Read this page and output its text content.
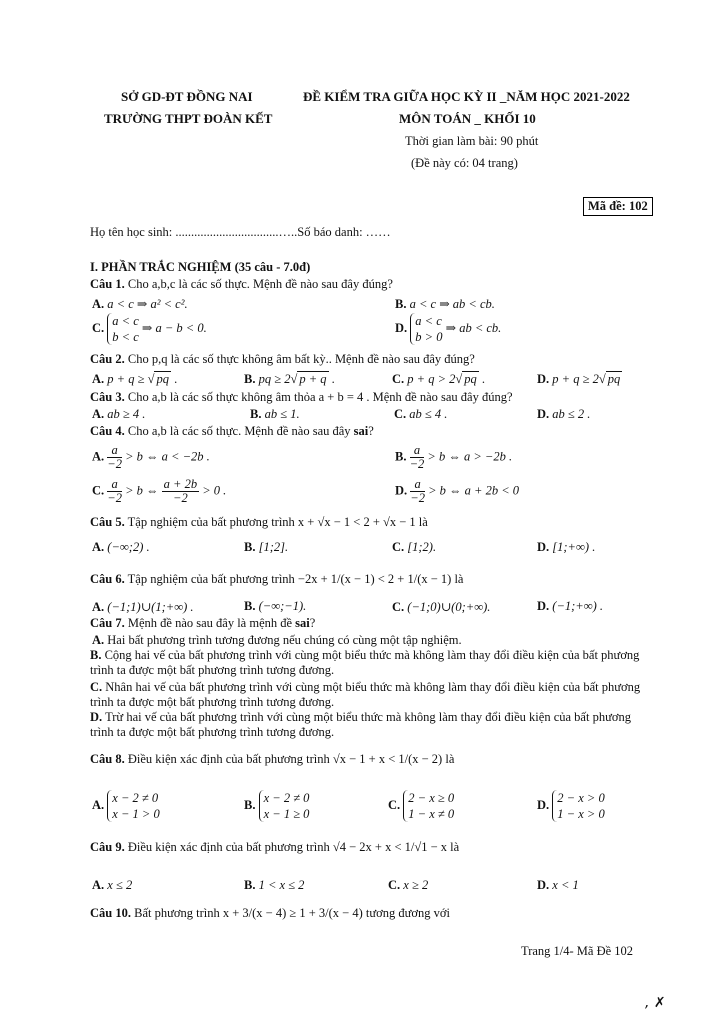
SỞ GD-ĐT ĐỒNG NAI
TRƯỜNG THPT ĐOÀN KẾT
ĐỀ KIỂM TRA GIỮA HỌC KỲ II _NĂM HỌC 2021-2022
MÔN TOÁN _ KHỐI 10
Thời gian làm bài: 90 phút
(Đề này có: 04 trang)
Mã đề: 102
Họ tên học sinh: .................................…..Số báo danh: ……
I. PHẦN TRẮC NGHIỆM (35 câu - 7.0đ)
Câu 1. Cho a,b,c là các số thực. Mệnh đề nào sau đây đúng?
A. a < c ⇒ a² < c².	B. a < c ⇒ ab < cb.
C. a < c
b < c ⇒ a − b < 0.	D. a < c
b > 0 ⇒ ab < cb.
Câu 2. Cho p,q là các số thực không âm bất kỳ.. Mệnh đề nào sau đây đúng?
A. p + q ≥ √ pq .	B. pq ≥ 2√ p + q .	C. p + q > 2√ pq .	D. p + q ≥ 2√ pq
Câu 3. Cho a,b là các số thực không âm thỏa a + b = 4 . Mệnh đề nào sau đây đúng?
A. ab ≥ 4 .	B. ab ≤ 1.	C. ab ≤ 4 .	D. ab ≤ 2 .
Câu 4. Cho a,b là các số thực. Mệnh đề nào sau đây sai?
A. $\frac{a}{-2} > b$ ⇔ a < −2b .	B. $\frac{a}{-2} > b$ ⇔ a > −2b .
C. $\frac{a}{-2} > b$ ⇔ $\frac{a + 2b}{-2} > 0$ .	D. $\frac{a}{-2} > b$ ⇔ a + 2b < 0
Câu 5. Tập nghiệm của bất phương trình x + √x − 1 < 2 + √x − 1 là
A. (−∞;2) .	B. [1;2].	C. [1;2).	D. [1;+∞) .
Câu 6. Tập nghiệm của bất phương trình −2x + 1/(x − 1) < 2 + 1/(x − 1) là
A. (−1;1)∪(1;+∞) .	B. (−∞;−1).	C. (−1;0)∪(0;+∞).	D. (−1;+∞) .
Câu 7. Mệnh đề nào sau đây là mệnh đề sai?
A. Hai bất phương trình tương đương nếu chúng có cùng một tập nghiệm.
B. Cộng hai vế của bất phương trình với cùng một biểu thức mà không làm thay đổi điều kiện của bất phương trình ta được một bất phương trình tương đương.
C. Nhân hai vế của bất phương trình với cùng một biểu thức mà không làm thay đổi điều kiện của bất phương trình ta được một bất phương trình tương đương.
D. Trừ hai vế của bất phương trình với cùng một biểu thức mà không làm thay đổi điều kiện của bất phương trình ta được một bất phương trình tương đương.
Câu 8. Điều kiện xác định của bất phương trình √x − 1 + x < 1/(x − 2) là
A. x − 2 ≠ 0
x − 1 > 0
B. x − 2 ≠ 0
x − 1 ≥ 0
C. 2 − x ≥ 0
1 − x ≠ 0
D. 2 − x > 0
1 − x > 0
Câu 9. Điều kiện xác định của bất phương trình √4 − 2x + x < 1/√1 − x là
A. x ≤ 2	B. 1 < x ≤ 2	C. x ≥ 2	D. x < 1
Câu 10. Bất phương trình x + 3/(x − 4) ≥ 1 + 3/(x − 4) tương đương với
Trang 1/4- Mã Đề 102
, ✗
